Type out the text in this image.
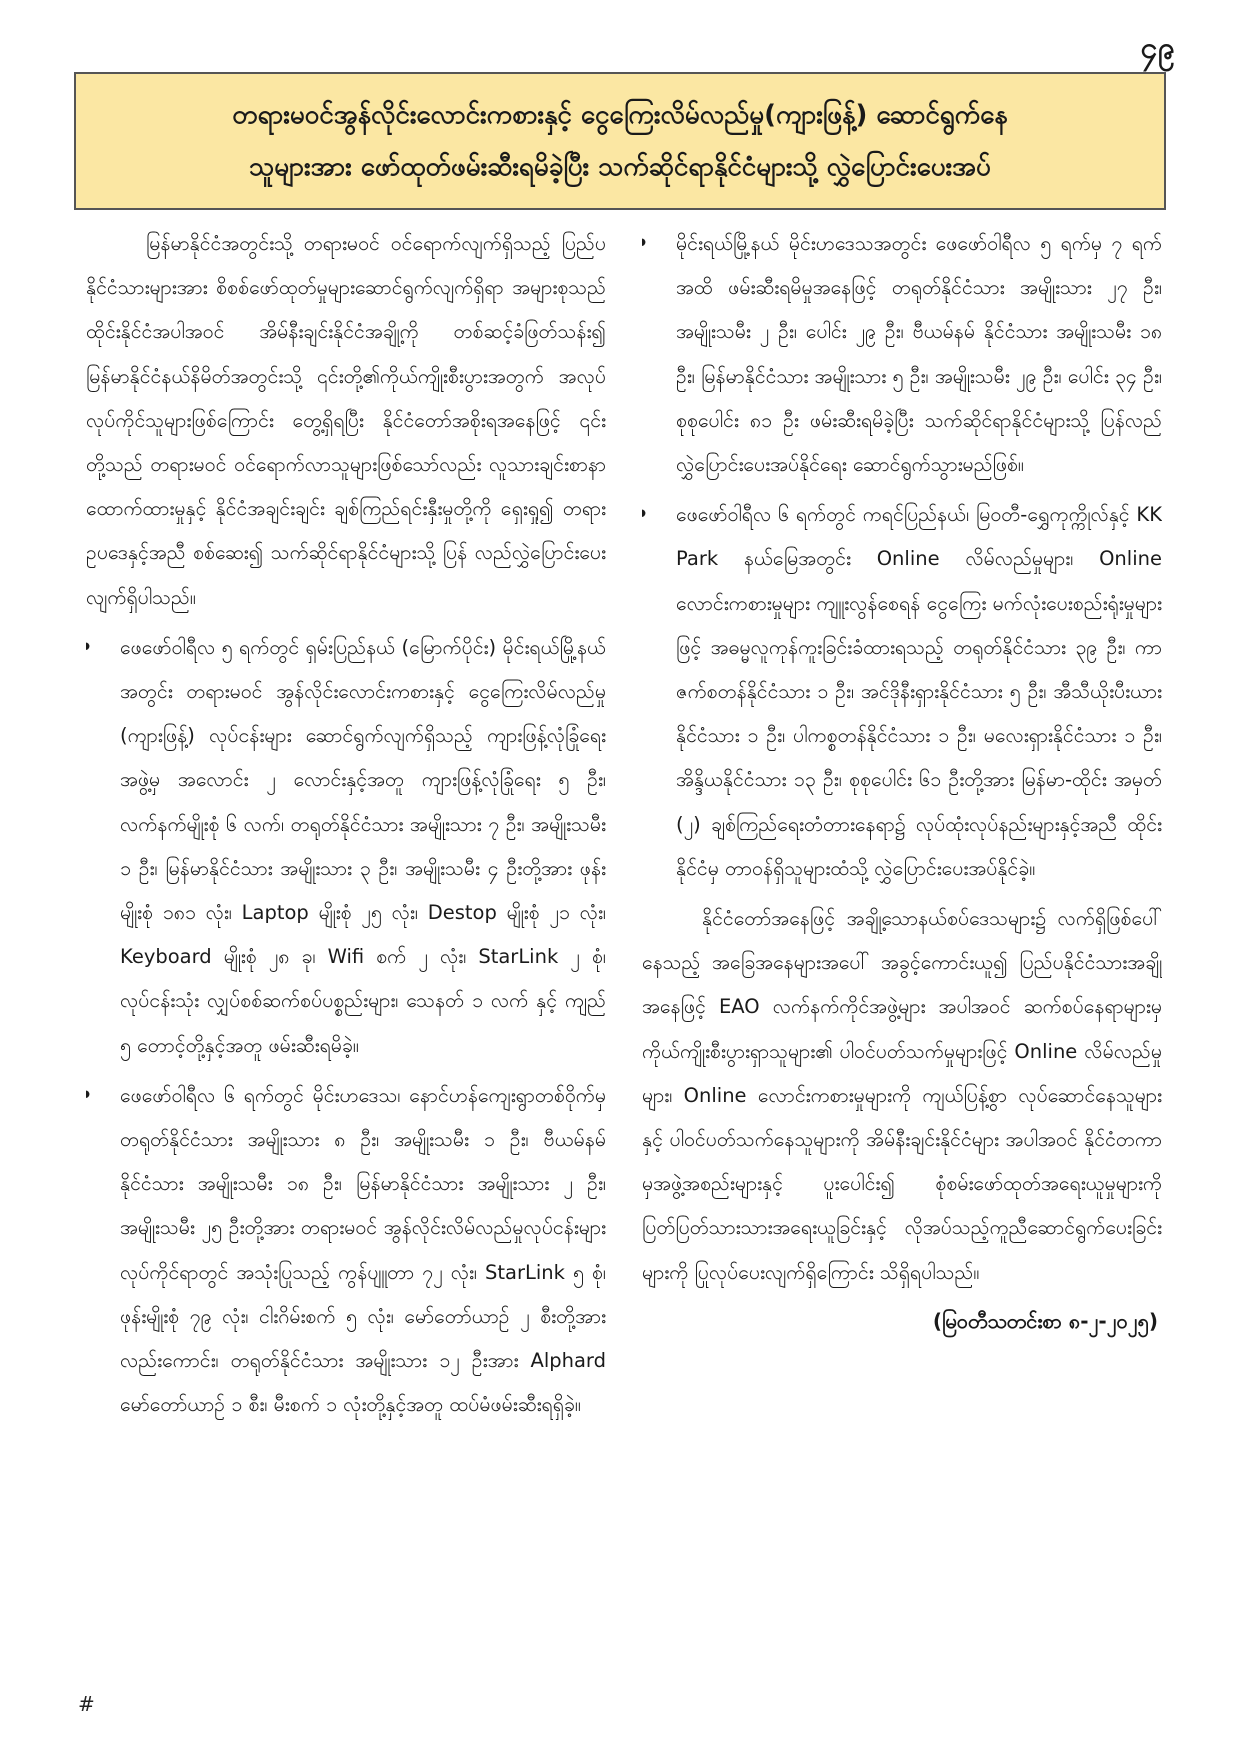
၄၉
တရားမဝင်အွန်လိုင်းလောင်းကစားနှင့် ငွေကြေးလိမ်လည်မှု(ကျားဖြန့်) ဆောင်ရွက်နေ
သူများအား ဖော်ထုတ်ဖမ်းဆီးရမိခဲ့ပြီး သက်ဆိုင်ရာနိုင်ငံများသို့ လွှဲပြောင်းပေးအပ်

မြန်မာနိုင်ငံအတွင်းသို့ တရားမဝင် ဝင်ရောက်လျက်ရှိသည့် ပြည်ပနိုင်ငံသားများအား စိစစ်ဖော်ထုတ်မှုများဆောင်ရွက်လျက်ရှိရာ အများစုသည် ထိုင်းနိုင်ငံအပါအဝင် အိမ်နီးချင်းနိုင်ငံအချို့ကို တစ်ဆင့်ခံဖြတ်သန်း၍ မြန်မာနိုင်ငံနယ်နိမိတ်အတွင်းသို့ ၎င်းတို့၏ကိုယ်ကျိုးစီးပွားအတွက် အလုပ်လုပ်ကိုင်သူများဖြစ်ကြောင်း တွေ့ရှိရပြီး နိုင်ငံတော်အစိုးရအနေဖြင့် ၎င်းတို့သည် တရားမဝင် ဝင်ရောက်လာသူများဖြစ်သော်လည်း လူသားချင်းစာနာထောက်ထားမှုနှင့် နိုင်ငံအချင်းချင်း ချစ်ကြည်ရင်းနှီးမှုတို့ကို ရှေးရှု၍ တရားဥပဒေနှင့်အညီ စစ်ဆေး၍ သက်ဆိုင်ရာနိုင်ငံများသို့ ပြန် လည်လွှဲပြောင်းပေးလျက်ရှိပါသည်။

• ဖေဖော်ဝါရီလ ၅ ရက်တွင် ရှမ်းပြည်နယ် (မြောက်ပိုင်း) မိုင်းရယ်မြို့နယ်အတွင်း တရားမဝင် အွန်လိုင်းလောင်းကစားနှင့် ငွေကြေးလိမ်လည်မှု (ကျားဖြန့်) လုပ်ငန်းများ ဆောင်ရွက်လျက်ရှိသည့် ကျားဖြန့်လုံခြုံရေးအဖွဲ့မှ အလောင်း ၂ လောင်းနှင့်အတူ ကျားဖြန့်လုံခြုံရေး ၅ ဦး၊ လက်နက်မျိုးစုံ ၆ လက်၊ တရုတ်နိုင်ငံသား အမျိုးသား ၇ ဦး၊ အမျိုးသမီး ၁ ဦး၊ မြန်မာနိုင်ငံသား အမျိုးသား ၃ ဦး၊ အမျိုးသမီး ၄ ဦးတို့အား ဖုန်းမျိုးစုံ ၁၈၁ လုံး၊ Laptop မျိုးစုံ ၂၅ လုံး၊ Destop မျိုးစုံ ၂၁ လုံး၊ Keyboard မျိုးစုံ ၂၈ ခု၊ Wifi စက် ၂ လုံး၊ StarLink ၂ စုံ၊ လုပ်ငန်းသုံး လျှပ်စစ်ဆက်စပ်ပစ္စည်းများ၊ သေနတ် ၁ လက် နှင့် ကျည် ၅ တောင့်တို့နှင့်အတူ ဖမ်းဆီးရမိခဲ့။

• ဖေဖော်ဝါရီလ ၆ ရက်တွင် မိုင်းဟဒေသ၊ နောင်ဟန်ကျေးရွာတစ်ဝိုက်မှ တရုတ်နိုင်ငံသား အမျိုးသား ၈ ဦး၊ အမျိုးသမီး ၁ ဦး၊ ဗီယမ်နမ်နိုင်ငံသား အမျိုးသမီး ၁၈ ဦး၊ မြန်မာနိုင်ငံသား အမျိုးသား ၂ ဦး၊ အမျိုးသမီး ၂၅ ဦးတို့အား တရားမဝင် အွန်လိုင်းလိမ်လည်မှုလုပ်ငန်းများ လုပ်ကိုင်ရာတွင် အသုံးပြုသည့် ကွန်ပျူတာ ၇၂ လုံး၊ StarLink ၅ စုံ၊ ဖုန်းမျိုးစုံ ၇၉ လုံး၊ ငါးဂိမ်းစက် ၅ လုံး၊ မော်တော်ယာဉ် ၂ စီးတို့အားလည်းကောင်း၊ တရုတ်နိုင်ငံသား အမျိုးသား ၁၂ ဦးအား Alphard မော်တော်ယာဉ် ၁ စီး၊ မီးစက် ၁ လုံးတို့နှင့်အတူ ထပ်မံဖမ်းဆီးရရှိခဲ့။

• မိုင်းရယ်မြို့နယ် မိုင်းဟဒေသအတွင်း ဖေဖော်ဝါရီလ ၅ ရက်မှ ၇ ရက်အထိ ဖမ်းဆီးရမိမှုအနေဖြင့် တရုတ်နိုင်ငံသား အမျိုးသား ၂၇ ဦး၊ အမျိုးသမီး ၂ ဦး၊ ပေါင်း ၂၉ ဦး၊ ဗီယမ်နမ် နိုင်ငံသား အမျိုးသမီး ၁၈ ဦး၊ မြန်မာနိုင်ငံသား အမျိုးသား ၅ ဦး၊ အမျိုးသမီး ၂၉ ဦး၊ ပေါင်း ၃၄ ဦး၊ စုစုပေါင်း ၈၁ ဦး ဖမ်းဆီးရမိခဲ့ပြီး သက်ဆိုင်ရာနိုင်ငံများသို့ ပြန်လည်လွှဲပြောင်းပေးအပ်နိုင်ရေး ဆောင်ရွက်သွားမည်ဖြစ်။

• ဖေဖော်ဝါရီလ ၆ ရက်တွင် ကရင်ပြည်နယ်၊ မြဝတီ-ရွှေကုက္ကိုလ်နှင့် KK Park နယ်မြေအတွင်း Online လိမ်လည်မှုများ၊ Online လောင်းကစားမှုများ ကျူးလွန်စေရန် ငွေကြေး မက်လုံးပေးစည်းရုံးမှုများဖြင့် အဓမ္မလူကုန်ကူးခြင်းခံထားရသည့် တရုတ်နိုင်ငံသား ၃၉ ဦး၊ ကာဇက်စတန်နိုင်ငံသား ၁ ဦး၊ အင်ဒိုနီးရှားနိုင်ငံသား ၅ ဦး၊ အီသီယိုးပီးယားနိုင်ငံသား ၁ ဦး၊ ပါကစ္စတန်နိုင်ငံသား ၁ ဦး၊ မလေးရှားနိုင်ငံသား ၁ ဦး၊ အိန္ဒိယနိုင်ငံသား ၁၃ ဦး၊ စုစုပေါင်း ၆၁ ဦးတို့အား မြန်မာ-ထိုင်း အမှတ် (၂) ချစ်ကြည်ရေးတံတားနေရာ၌ လုပ်ထုံးလုပ်နည်းများနှင့်အညီ ထိုင်းနိုင်ငံမှ တာဝန်ရှိသူများထံသို့ လွှဲပြောင်းပေးအပ်နိုင်ခဲ့။

နိုင်ငံတော်အနေဖြင့် အချို့သောနယ်စပ်ဒေသများ၌ လက်ရှိဖြစ်ပေါ်နေသည့် အခြေအနေများအပေါ် အခွင့်ကောင်းယူ၍ ပြည်ပနိုင်ငံသားအချို့အနေဖြင့် EAO လက်နက်ကိုင်အဖွဲ့များ အပါအဝင် ဆက်စပ်နေရာများမှ ကိုယ်ကျိုးစီးပွားရှာသူများ၏ ပါဝင်ပတ်သက်မှုများဖြင့် Online လိမ်လည်မှုများ၊ Online လောင်းကစားမှုများကို ကျယ်ပြန့်စွာ လုပ်ဆောင်နေသူများနှင့် ပါဝင်ပတ်သက်နေသူများကို အိမ်နီးချင်းနိုင်ငံများ အပါအဝင် နိုင်ငံတကာမှအဖွဲ့အစည်းများနှင့် ပူးပေါင်း၍ စုံစမ်းဖော်ထုတ်အရေးယူမှုများကို ပြတ်ပြတ်သားသားအရေးယူခြင်းနှင့် လိုအပ်သည့်ကူညီဆောင်ရွက်ပေးခြင်းများကို ပြုလုပ်ပေးလျက်ရှိကြောင်း သိရှိရပါသည်။

(မြဝတီသတင်းစာ ၈-၂-၂၀၂၅)
#
